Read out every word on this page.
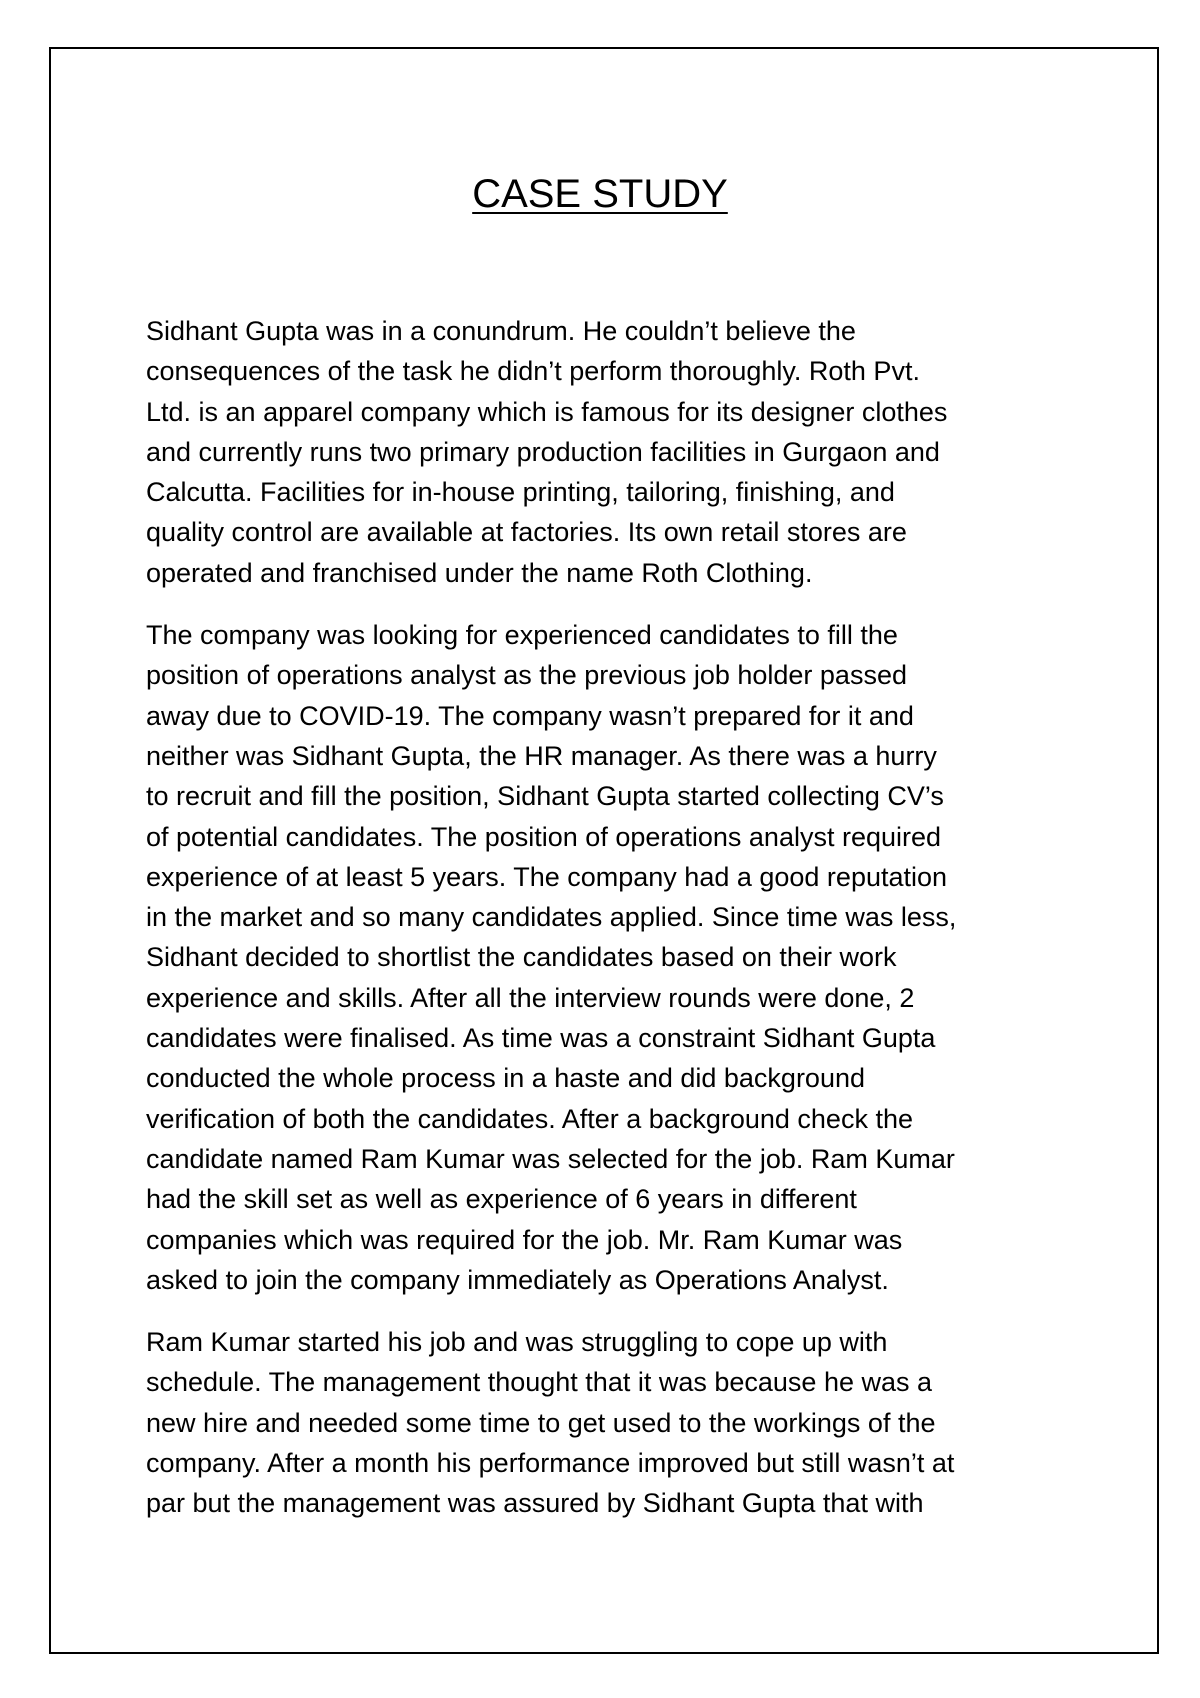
CASE STUDY
Sidhant Gupta was in a conundrum. He couldn’t believe the
consequences of the task he didn’t perform thoroughly. Roth Pvt.
Ltd. is an apparel company which is famous for its designer clothes
and currently runs two primary production facilities in Gurgaon and
Calcutta. Facilities for in-house printing, tailoring, finishing, and
quality control are available at factories. Its own retail stores are
operated and franchised under the name Roth Clothing.
The company was looking for experienced candidates to fill the
position of operations analyst as the previous job holder passed
away due to COVID-19. The company wasn’t prepared for it and
neither was Sidhant Gupta, the HR manager. As there was a hurry
to recruit and fill the position, Sidhant Gupta started collecting CV’s
of potential candidates. The position of operations analyst required
experience of at least 5 years. The company had a good reputation
in the market and so many candidates applied. Since time was less,
Sidhant decided to shortlist the candidates based on their work
experience and skills. After all the interview rounds were done, 2
candidates were finalised. As time was a constraint Sidhant Gupta
conducted the whole process in a haste and did background
verification of both the candidates. After a background check the
candidate named Ram Kumar was selected for the job. Ram Kumar
had the skill set as well as experience of 6 years in different
companies which was required for the job. Mr. Ram Kumar was
asked to join the company immediately as Operations Analyst.
Ram Kumar started his job and was struggling to cope up with
schedule. The management thought that it was because he was a
new hire and needed some time to get used to the workings of the
company. After a month his performance improved but still wasn’t at
par but the management was assured by Sidhant Gupta that with
